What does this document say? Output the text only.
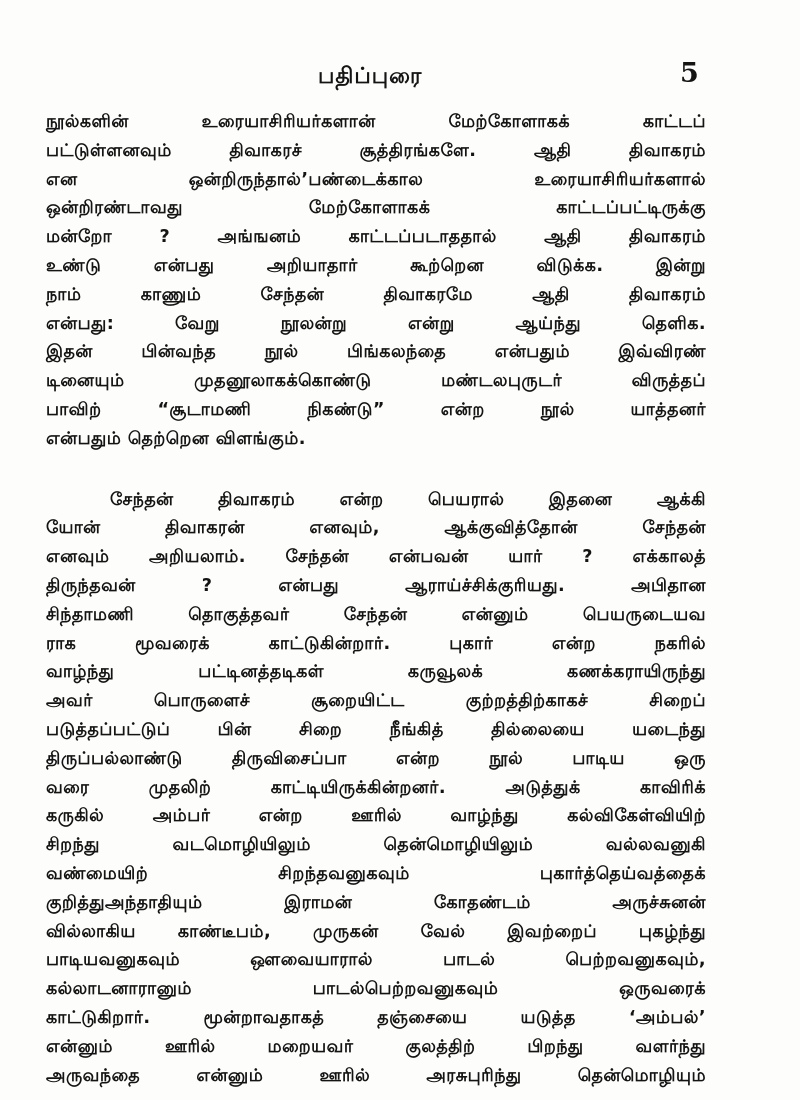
பதிப்புரை	5

நூல்களின் உரையாசிரியர்களான் மேற்கோளாகக் காட்டப்
பட்டுள்ளனவும் திவாகரச் சூத்திரங்களே. ஆதி திவாகரம்
என ஒன்றிருந்தால்’பண்டைக்கால உரையாசிரியர்களால்
ஒன்றிரண்டாவது மேற்கோளாகக் காட்டப்பட்டிருக்கு
மன்றோ ? அங்ஙனம் காட்டப்படாததால் ஆதி திவாகரம்
உண்டு என்பது அறியாதார் கூற்றென விடுக்க. இன்று
நாம் காணும் சேந்தன் திவாகரமே ஆதி திவாகரம்
என்பது: வேறு நூலன்று என்று ஆய்ந்து தெளிக.
இதன் பின்வந்த நூல் பிங்கலந்தை என்பதும் இவ்விரண்
டினையும் முதனூலாகக்கொண்டு மண்டலபுருடர் விருத்தப்
பாவிற் “சூடாமணி நிகண்டு” என்ற நூல் யாத்தனர்
என்பதும் தெற்றென விளங்கும்.

சேந்தன் திவாகரம் என்ற பெயரால் இதனை ஆக்கி
யோன் திவாகரன் எனவும், ஆக்குவித்தோன் சேந்தன்
எனவும் அறியலாம். சேந்தன் என்பவன் யார் ? எக்காலத்
திருந்தவன் ? என்பது ஆராய்ச்சிக்குரியது. அபிதான
சிந்தாமணி தொகுத்தவர் சேந்தன் என்னும் பெயருடையவ
ராக மூவரைக் காட்டுகின்றார். புகார் என்ற நகரில்
வாழ்ந்து பட்டினத்தடிகள் கருவூலக் கணக்கராயிருந்து
அவர் பொருளைச் சூறையிட்ட குற்றத்திற்காகச் சிறைப்
படுத்தப்பட்டுப் பின் சிறை நீங்கித் தில்லையை யடைந்து
திருப்பல்லாண்டு திருவிசைப்பா என்ற நூல் பாடிய ஒரு
வரை முதலிற் காட்டியிருக்கின்றனர். அடுத்துக் காவிரிக்
கருகில் அம்பர் என்ற ஊரில் வாழ்ந்து கல்விகேள்வியிற்
சிறந்து வடமொழியிலும் தென்மொழியிலும் வல்லவனுகி
வண்மையிற் சிறந்தவனுகவும் புகார்த்தெய்வத்தைக்
குறித்துஅந்தாதியும் இராமன் கோதண்டம் அருச்சுனன்
வில்லாகிய காண்டீபம், முருகன் வேல் இவற்றைப் புகழ்ந்து
பாடியவனுகவும் ஔவையாரால் பாடல் பெற்றவனுகவும்,
கல்லாடனாரானும் பாடல்பெற்றவனுகவும் ஒருவரைக்
காட்டுகிறார். மூன்றாவதாகத் தஞ்சையை யடுத்த ‘அம்பல்’
என்னும் ஊரில் மறையவர் குலத்திற் பிறந்து வளர்ந்து
அருவந்தை என்னும் ஊரில் அரசுபுரிந்து தென்மொழியும்
